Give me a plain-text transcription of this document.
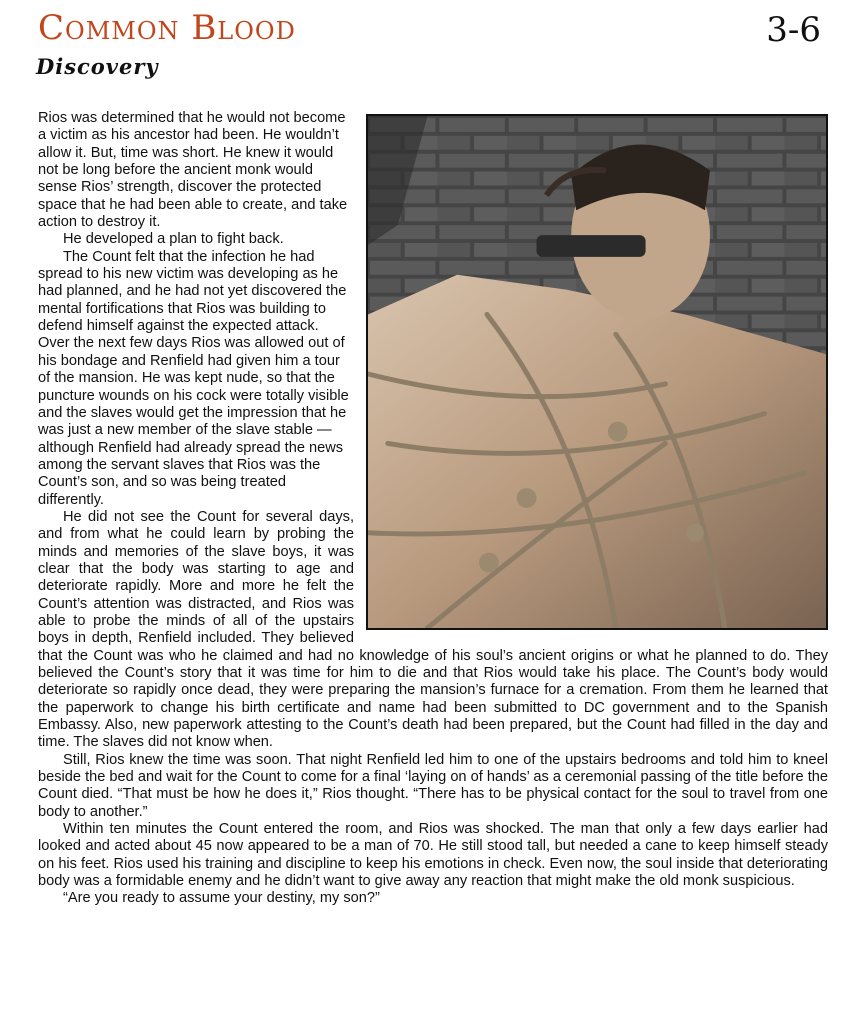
Common Blood	3-6
Discovery

Rios was determined that he would not become a victim as his ancestor had been. He wouldn’t allow it. But, time was short. He knew it would not be long before the ancient monk would sense Rios’ strength, discover the protected space that he had been able to create, and take action to destroy it.

He developed a plan to fight back.

The Count felt that the infection he had spread to his new victim was developing as he had planned, and he had not yet discovered the mental fortifications that Rios was building to defend himself against the expected attack. Over the next few days Rios was allowed out of his bondage and Renfield had given him a tour of the mansion. He was kept nude, so that the puncture wounds on his cock were totally visible and the slaves would get the impression that he was just a new member of the slave stable — although Renfield had already spread the news among the servant slaves that Rios was the Count’s son, and so was being treated differently.

He did not see the Count for several days, and from what he could learn by probing the minds and memories of the slave boys, it was clear that the body was starting to age and deteriorate rapidly. More and more he felt the Count’s attention was distracted, and Rios was able to probe the minds of all of the upstairs boys in depth, Renfield included. They believed that the Count was who he claimed and had no knowledge of his soul’s ancient origins or what he planned to do. They believed the Count’s story that it was time for him to die and that Rios would take his place. The Count’s body would deteriorate so rapidly once dead, they were preparing the mansion’s furnace for a cremation. From them he learned that the paperwork to change his birth certificate and name had been submitted to DC government and to the Spanish Embassy. Also, new paperwork attesting to the Count’s death had been prepared, but the Count had filled in the day and time. The slaves did not know when.

Still, Rios knew the time was soon. That night Renfield led him to one of the upstairs bedrooms and told him to kneel beside the bed and wait for the Count to come for a final ‘laying on of hands’ as a ceremonial passing of the title before the Count died. “That must be how he does it,” Rios thought. “There has to be physical contact for the soul to travel from one body to another.”

Within ten minutes the Count entered the room, and Rios was shocked. The man that only a few days earlier had looked and acted about 45 now appeared to be a man of 70. He still stood tall, but needed a cane to keep himself steady on his feet. Rios used his training and discipline to keep his emotions in check. Even now, the soul inside that deteriorating body was a formidable enemy and he didn’t want to give away any reaction that might make the old monk suspicious.

“Are you ready to assume your destiny, my son?”
